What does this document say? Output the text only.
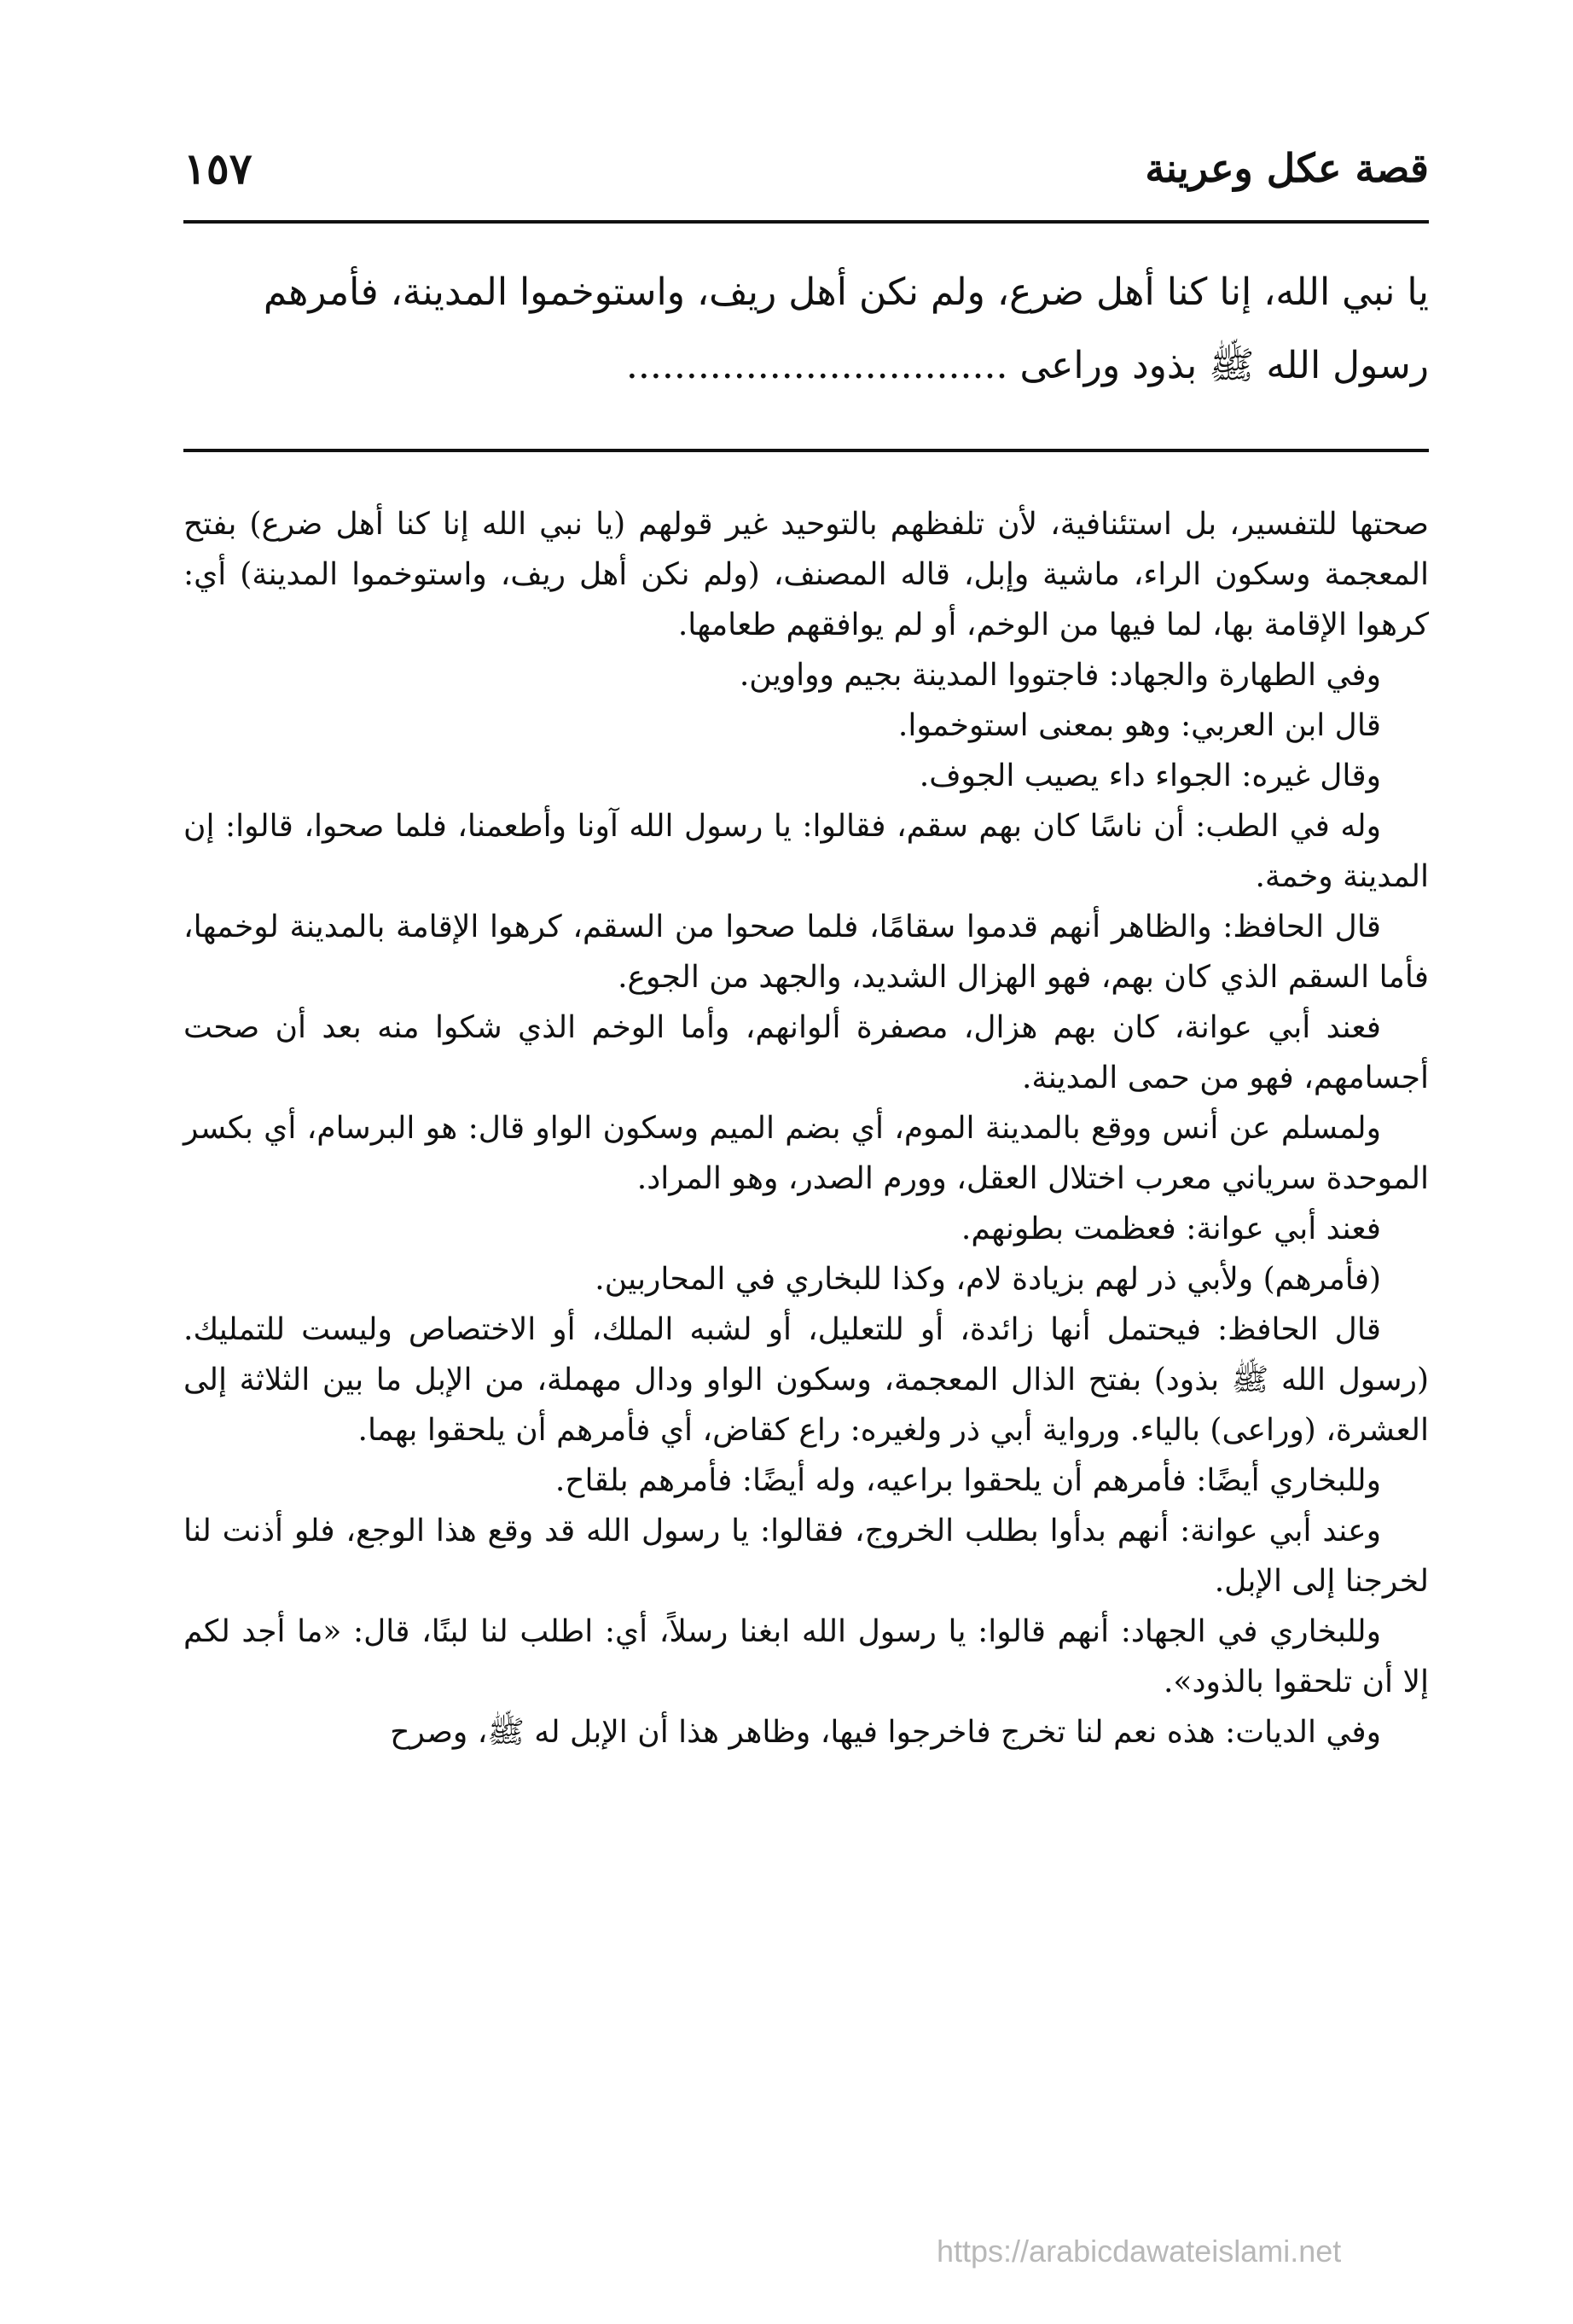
قصة عكل وعرينة
١٥٧

يا نبي الله، إنا كنا أهل ضرع، ولم نكن أهل ريف، واستوخموا المدينة، فأمرهم

رسول الله ﷺ بذود وراعى ................................

صحتها للتفسير، بل استئنافية، لأن تلفظهم بالتوحيد غير قولهم (يا نبي الله إنا كنا أهل ضرع) بفتح المعجمة وسكون الراء، ماشية وإبل، قاله المصنف، (ولم نكن أهل ريف، واستوخموا المدينة) أي: كرهوا الإقامة بها، لما فيها من الوخم، أو لم يوافقهم طعامها.

وفي الطهارة والجهاد: فاجتووا المدينة بجيم وواوين.

قال ابن العربي: وهو بمعنى استوخموا.

وقال غيره: الجواء داء يصيب الجوف.

وله في الطب: أن ناسًا كان بهم سقم، فقالوا: يا رسول الله آونا وأطعمنا، فلما صحوا، قالوا: إن المدينة وخمة.

قال الحافظ: والظاهر أنهم قدموا سقامًا، فلما صحوا من السقم، كرهوا الإقامة بالمدينة لوخمها، فأما السقم الذي كان بهم، فهو الهزال الشديد، والجهد من الجوع.

فعند أبي عوانة، كان بهم هزال، مصفرة ألوانهم، وأما الوخم الذي شكوا منه بعد أن صحت أجسامهم، فهو من حمى المدينة.

ولمسلم عن أنس ووقع بالمدينة الموم، أي بضم الميم وسكون الواو قال: هو البرسام، أي بكسر الموحدة سرياني معرب اختلال العقل، وورم الصدر، وهو المراد.

فعند أبي عوانة: فعظمت بطونهم.

(فأمرهم) ولأبي ذر لهم بزيادة لام، وكذا للبخاري في المحاربين.

قال الحافظ: فيحتمل أنها زائدة، أو للتعليل، أو لشبه الملك، أو الاختصاص وليست للتمليك. (رسول الله ﷺ بذود) بفتح الذال المعجمة، وسكون الواو ودال مهملة، من الإبل ما بين الثلاثة إلى العشرة، (وراعى) بالياء. ورواية أبي ذر ولغيره: راع كقاض، أي فأمرهم أن يلحقوا بهما.

وللبخاري أيضًا: فأمرهم أن يلحقوا براعيه، وله أيضًا: فأمرهم بلقاح.

وعند أبي عوانة: أنهم بدأوا بطلب الخروج، فقالوا: يا رسول الله قد وقع هذا الوجع، فلو أذنت لنا لخرجنا إلى الإبل.

وللبخاري في الجهاد: أنهم قالوا: يا رسول الله ابغنا رسلاً، أي: اطلب لنا لبنًا، قال: «ما أجد لكم إلا أن تلحقوا بالذود».

وفي الديات: هذه نعم لنا تخرج فاخرجوا فيها، وظاهر هذا أن الإبل له ﷺ، وصرح

https://arabicdawateislami.net
